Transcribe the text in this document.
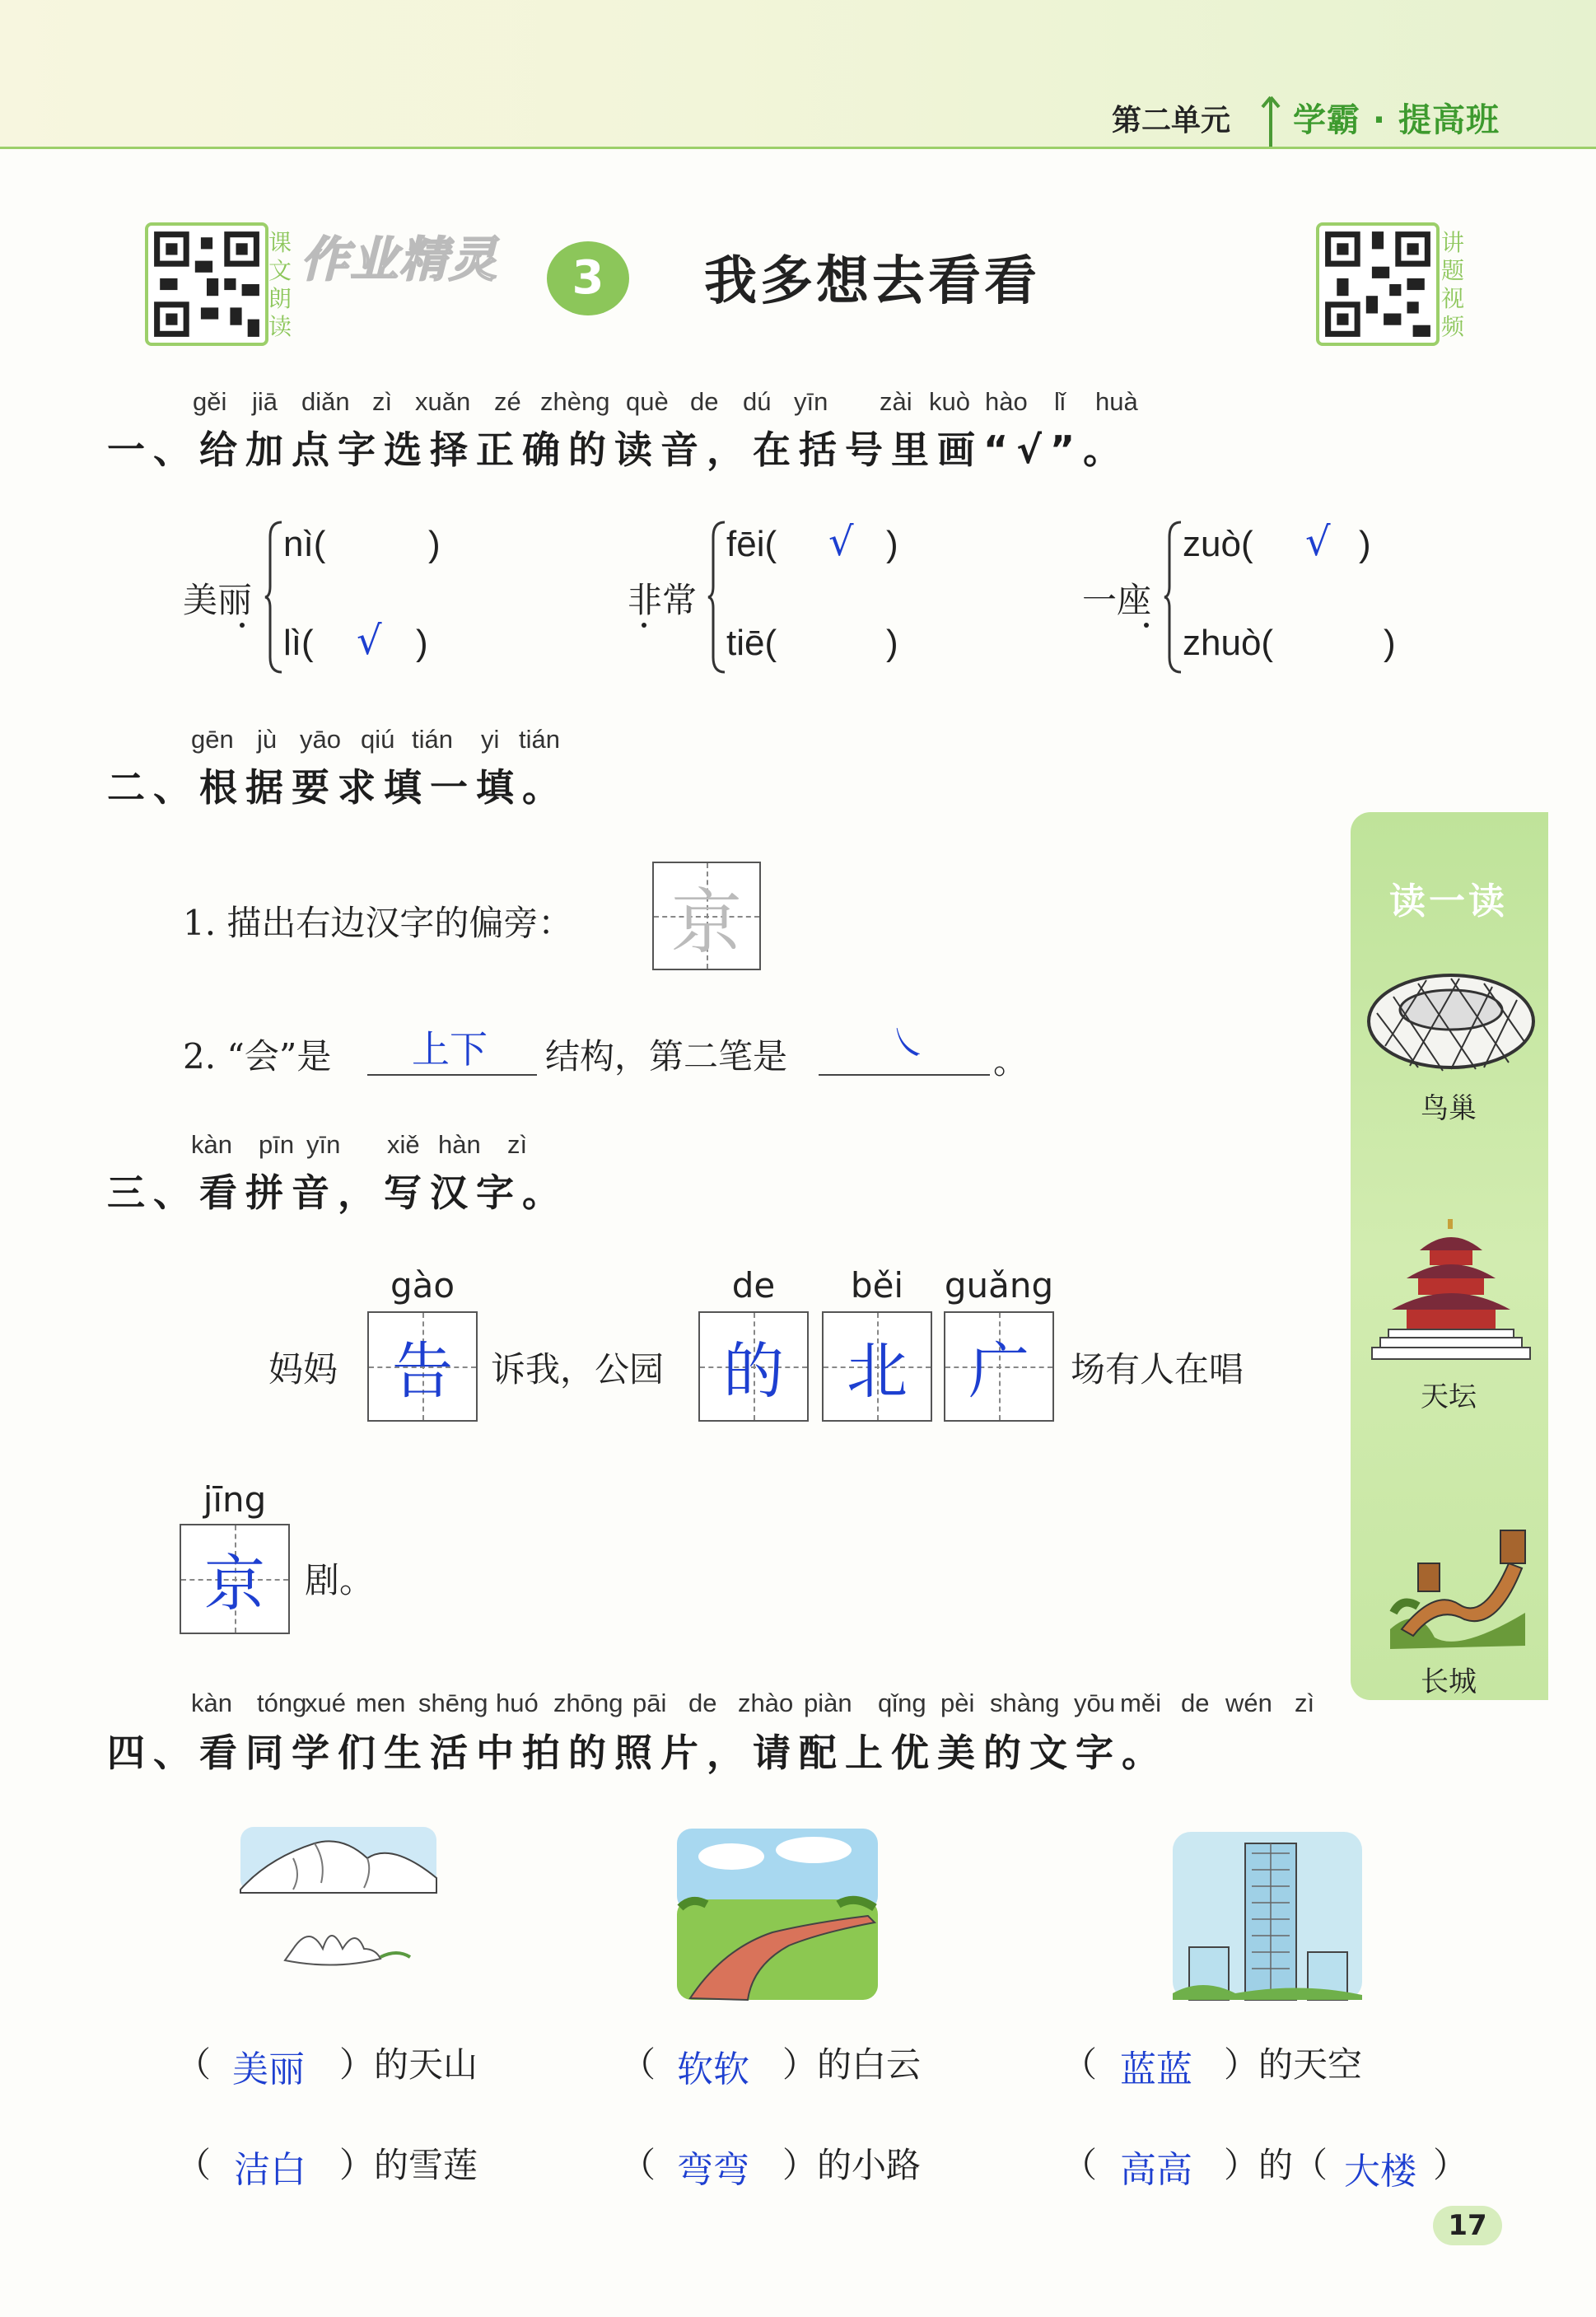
第二单元 学霸 · 提高班
课文朗读
作业精灵	3	我多想去看看
讲题视频
gěi jiā diǎn zì xuǎn zé zhèng què de dú yīn zài kuò hào lǐ huà
一、给加点字选择正确的读音，在括号里画“√”。
美丽
nì(	)
lì( √ )
非常
fēi( √ )
tiē(	)
一座
zuò( √ )
zhuò(	)
gēn jù yāo qiú tián yi tián
二、根据要求填一填。
1. 描出右边汉字的偏旁： 京
2. “会”是 上下 结构，第二笔是	㇏ 。
kàn pīn yīn xiě hàn zì
三、看拼音，写汉字。
妈妈
gào
告	诉我，公园
de
的
běi
北
guǎng
广	场有人在唱
jīng
京	剧。
读一读
鸟巢
天坛
长城
kàn tóng
xué men shēng huó zhōng pāi de zhào piàn qǐng pèi shàng yōu měi de wén zì
四、看同学们生活中拍的照片，请配上优美的文字。
（ 美丽 ）的天山
（ 洁白 ）的雪莲
（ 软软 ）的白云
（ 弯弯 ）的小路
（ 蓝蓝 ）的天空
（ 高高 ）的（ 大楼 ）
17
